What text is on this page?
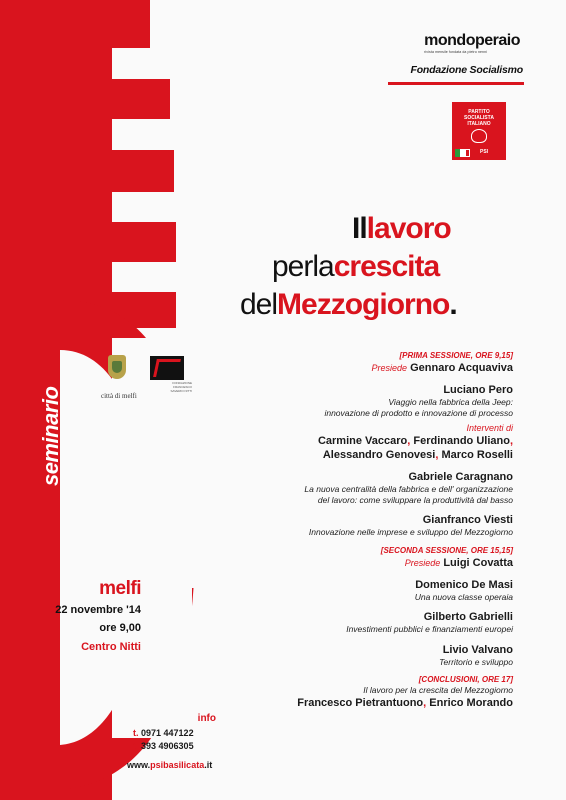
seminario
mondoperaio
rivista mensile fondata da pietro nenni
Fondazione Socialismo
PARTITO SOCIALISTA ITALIANO
PSI
Illavoro
perlacrescita
delMezzogiorno.
città di melfi
FONDAZIONE FRANCESCO SAVERIO NITTI
melfi
22 novembre '14
ore 9,00
Centro Nitti
info
t. 0971 447122
t. 393 4906305
www.psibasilicata.it
[PRIMA SESSIONE, ORE 9,15]
Presiede Gennaro Acquaviva
Luciano Pero
Viaggio nella fabbrica della Jeep:
innovazione di prodotto e innovazione di processo
Interventi di
Carmine Vaccaro, Ferdinando Uliano,
Alessandro Genovesi, Marco Roselli
Gabriele Caragnano
La nuova centralità della fabbrica e dell' organizzazione
del lavoro: come sviluppare la produttività dal basso
Gianfranco Viesti
Innovazione nelle imprese e sviluppo del Mezzogiorno
[SECONDA SESSIONE, ORE 15,15]
Presiede Luigi Covatta
Domenico De Masi
Una nuova classe operaia
Gilberto Gabrielli
Investimenti pubblici e finanziamenti europei
Livio Valvano
Territorio e sviluppo
[CONCLUSIONI, ORE 17]
Il lavoro per la crescita del Mezzogiorno
Francesco Pietrantuono, Enrico Morando
